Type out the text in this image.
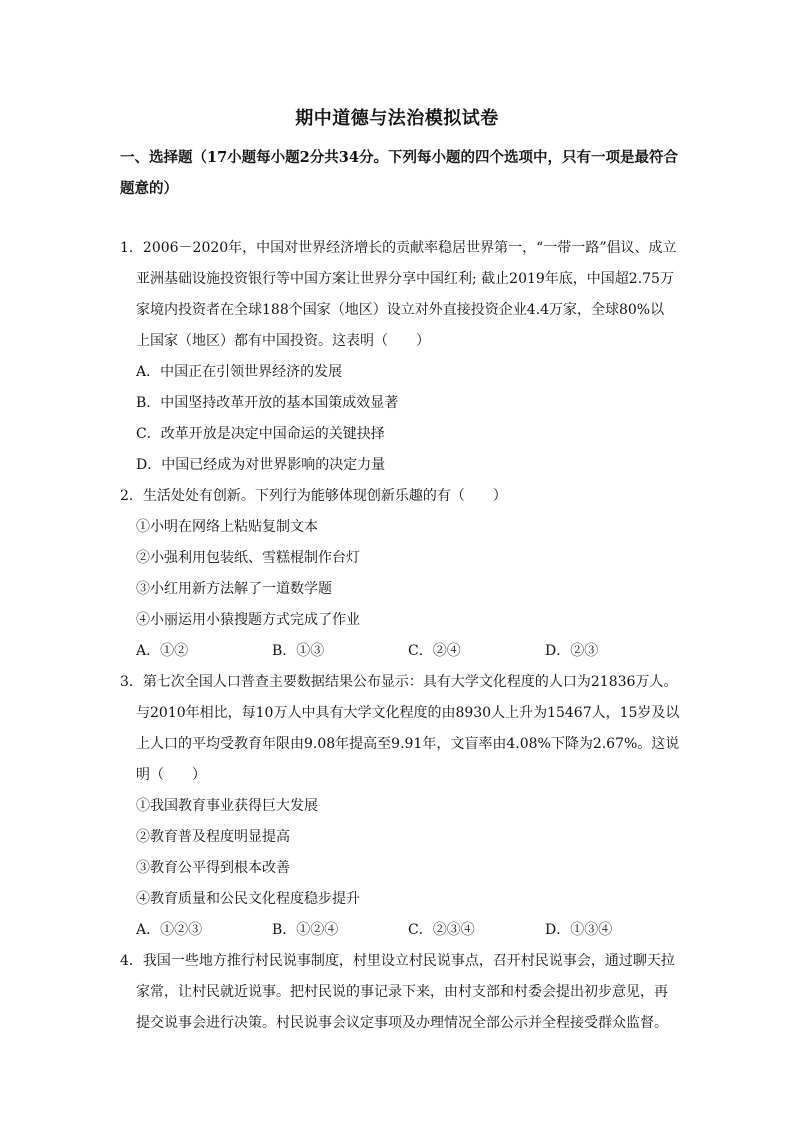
期中道德与法治模拟试卷
一、选择题（17小题每小题2分共34分。下列每小题的四个选项中，只有一项是最符合题意的）
1．2006－2020年，中国对世界经济增长的贡献率稳居世界第一，“一带一路”倡议、成立
亚洲基础设施投资银行等中国方案让世界分享中国红利; 截止2019年底，中国超2.75万
家境内投资者在全球188个国家（地区）设立对外直接投资企业4.4万家，全球80%以
上国家（地区）都有中国投资。这表明（　　）
A．中国正在引领世界经济的发展
B．中国坚持改革开放的基本国策成效显著
C．改革开放是决定中国命运的关键抉择
D．中国已经成为对世界影响的决定力量
2．生活处处有创新。下列行为能够体现创新乐趣的有（　　）
①小明在网络上粘贴复制文本
②小强利用包装纸、雪糕棍制作台灯
③小红用新方法解了一道数学题
④小丽运用小猿搜题方式完成了作业
A．①②	B．①③	C．②④	D．②③
3．第七次全国人口普查主要数据结果公布显示：具有大学文化程度的人口为21836万人。
与2010年相比，每10万人中具有大学文化程度的由8930人上升为15467人，15岁及以
上人口的平均受教育年限由9.08年提高至9.91年，文盲率由4.08%下降为2.67%。这说
明（　　）
①我国教育事业获得巨大发展
②教育普及程度明显提高
③教育公平得到根本改善
④教育质量和公民文化程度稳步提升
A．①②③	B．①②④	C．②③④	D．①③④
4．我国一些地方推行村民说事制度，村里设立村民说事点，召开村民说事会，通过聊天拉
家常，让村民就近说事。把村民说的事记录下来，由村支部和村委会提出初步意见，再
提交说事会进行决策。村民说事会议定事项及办理情况全部公示并全程接受群众监督。
